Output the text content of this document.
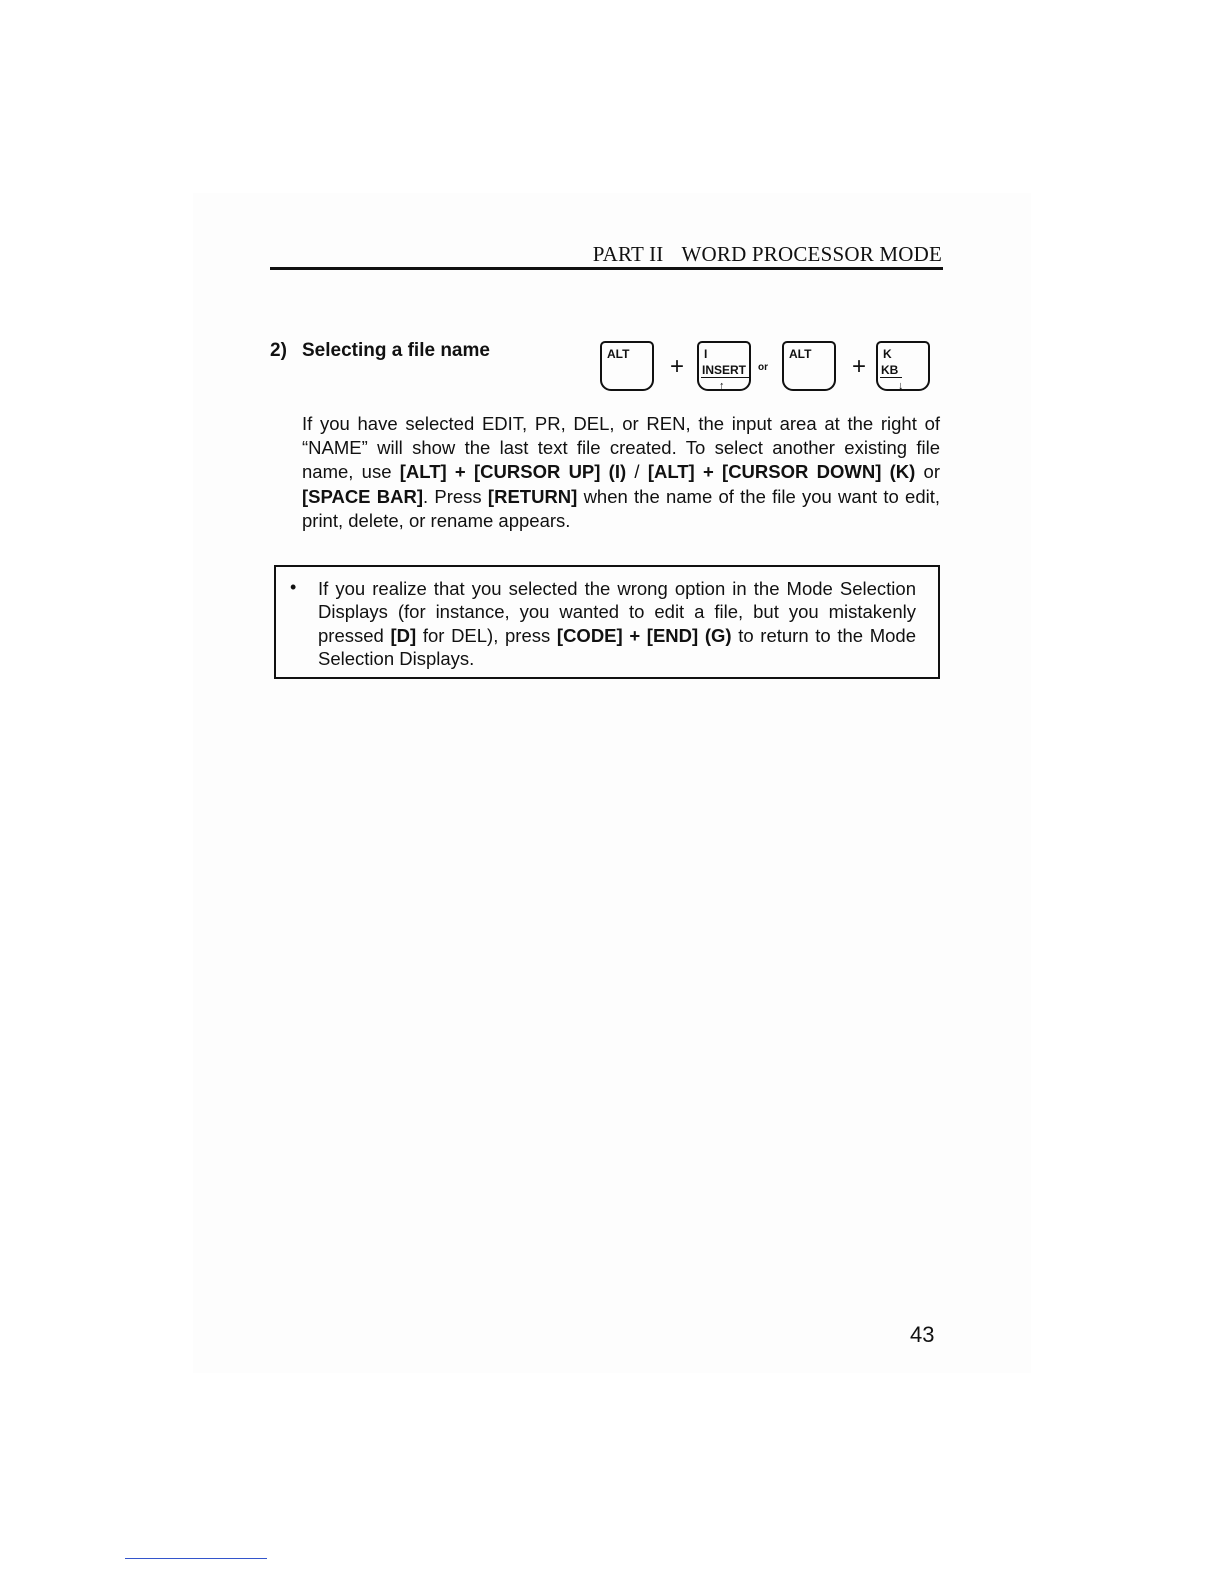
PART II WORD PROCESSOR MODE
2) Selecting a file name	ALT + I
INSERT
↑
or
ALT + K
KB
↓
If you have selected EDIT, PR, DEL, or REN, the input area at the right of “NAME” will show the last text file created. To select another existing file name, use [ALT] + [CURSOR UP] (I) / [ALT] + [CURSOR DOWN] (K) or [SPACE BAR]. Press [RETURN] when the name of the file you want to edit, print, delete, or rename appears.
• If you realize that you selected the wrong option in the Mode Selection Displays (for instance, you wanted to edit a file, but you mistakenly pressed [D] for DEL), press [CODE] + [END] (G) to return to the Mode Selection Displays.
43
